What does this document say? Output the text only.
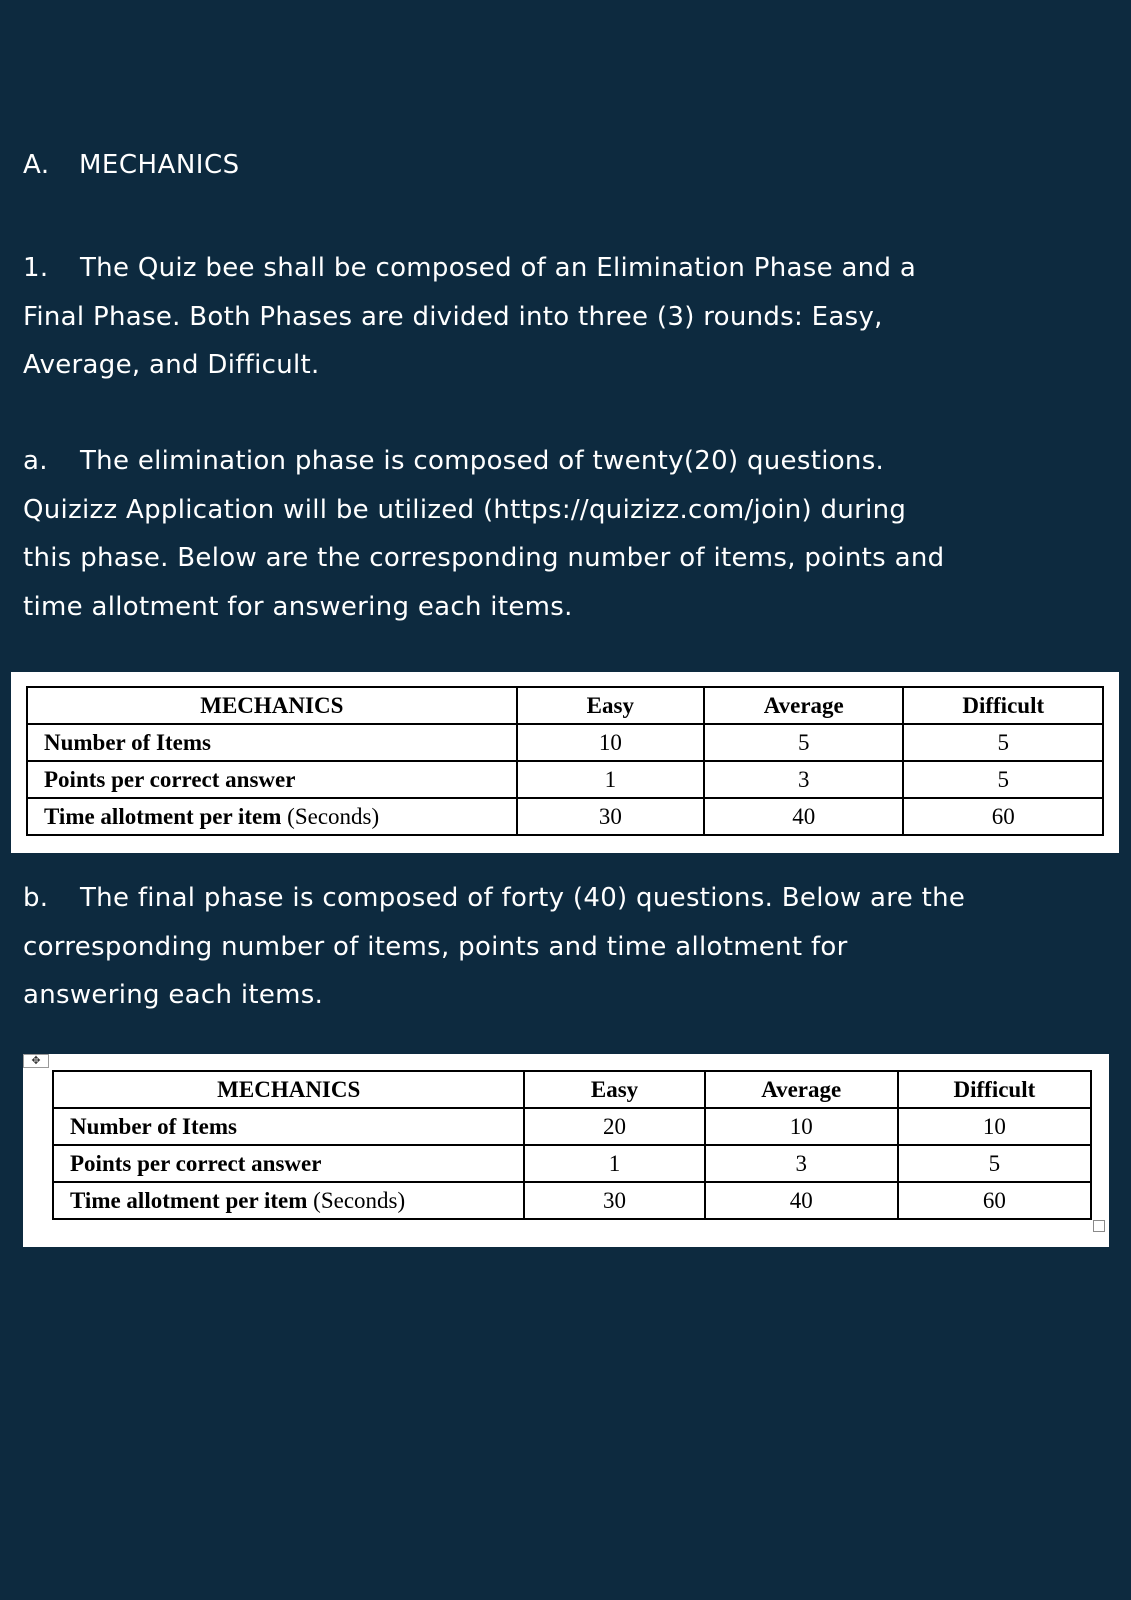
A. MECHANICS
1. The Quiz bee shall be composed of an Elimination Phase and a
Final Phase. Both Phases are divided into three (3) rounds: Easy,
Average, and Difficult.
a. The elimination phase is composed of twenty(20) questions.
Quizizz Application will be utilized (https://quizizz.com/join) during
this phase. Below are the corresponding number of items, points and
time allotment for answering each items.
MECHANICS	Easy	Average	Difficult
Number of Items	10	5	5
Points per correct answer	1	3	5
Time allotment per item (Seconds)	30	40	60
b. The final phase is composed of forty (40) questions. Below are the
corresponding number of items, points and time allotment for
answering each items.
MECHANICS	Easy	Average	Difficult
Number of Items	20	10	10
Points per correct answer	1	3	5
Time allotment per item (Seconds)	30	40	60
✥
